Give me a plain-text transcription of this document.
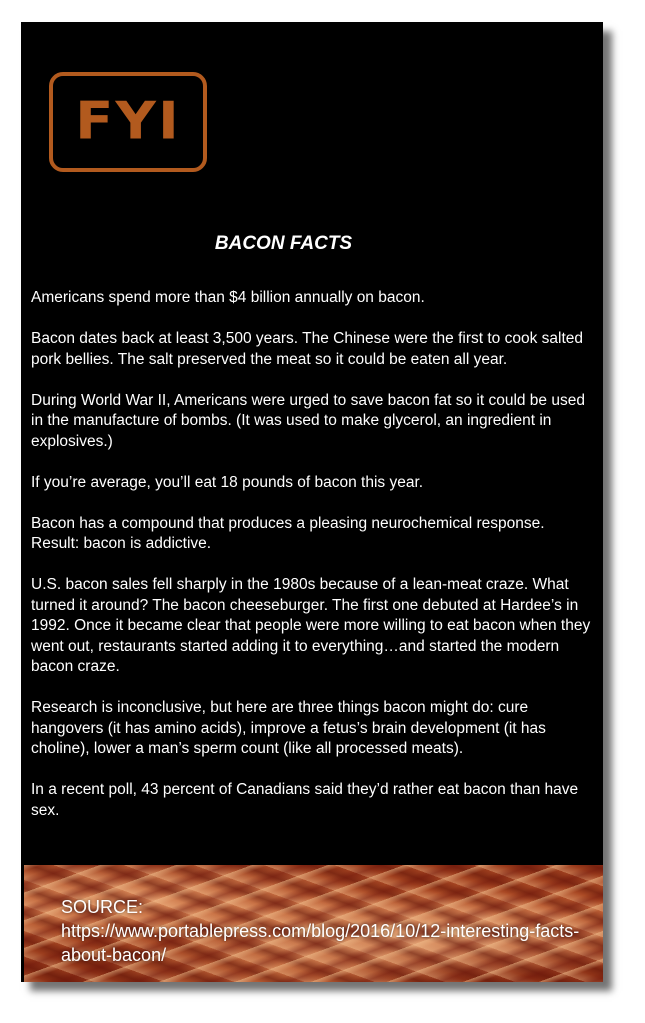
FYI
BACON FACTS

Americans spend more than $4 billion annually on bacon.

Bacon dates back at least 3,500 years. The Chinese were the first to cook salted pork bellies. The salt preserved the meat so it could be eaten all year.

During World War II, Americans were urged to save bacon fat so it could be used in the manufacture of bombs. (It was used to make glycerol, an ingredient in explosives.)

If you’re average, you’ll eat 18 pounds of bacon this year.

Bacon has a compound that produces a pleasing neurochemical response. Result: bacon is addictive.

U.S. bacon sales fell sharply in the 1980s because of a lean-meat craze. What turned it around? The bacon cheeseburger. The first one debuted at Hardee’s in 1992. Once it became clear that people were more willing to eat bacon when they went out, restaurants started adding it to everything…and started the modern bacon craze.

Research is inconclusive, but here are three things bacon might do: cure hangovers (it has amino acids), improve a fetus’s brain development (it has choline), lower a man’s sperm count (like all processed meats).

In a recent poll, 43 percent of Canadians said they’d rather eat bacon than have sex.

SOURCE:
https://www.portablepress.com/blog/2016/10/12-interesting-facts-about-bacon/
